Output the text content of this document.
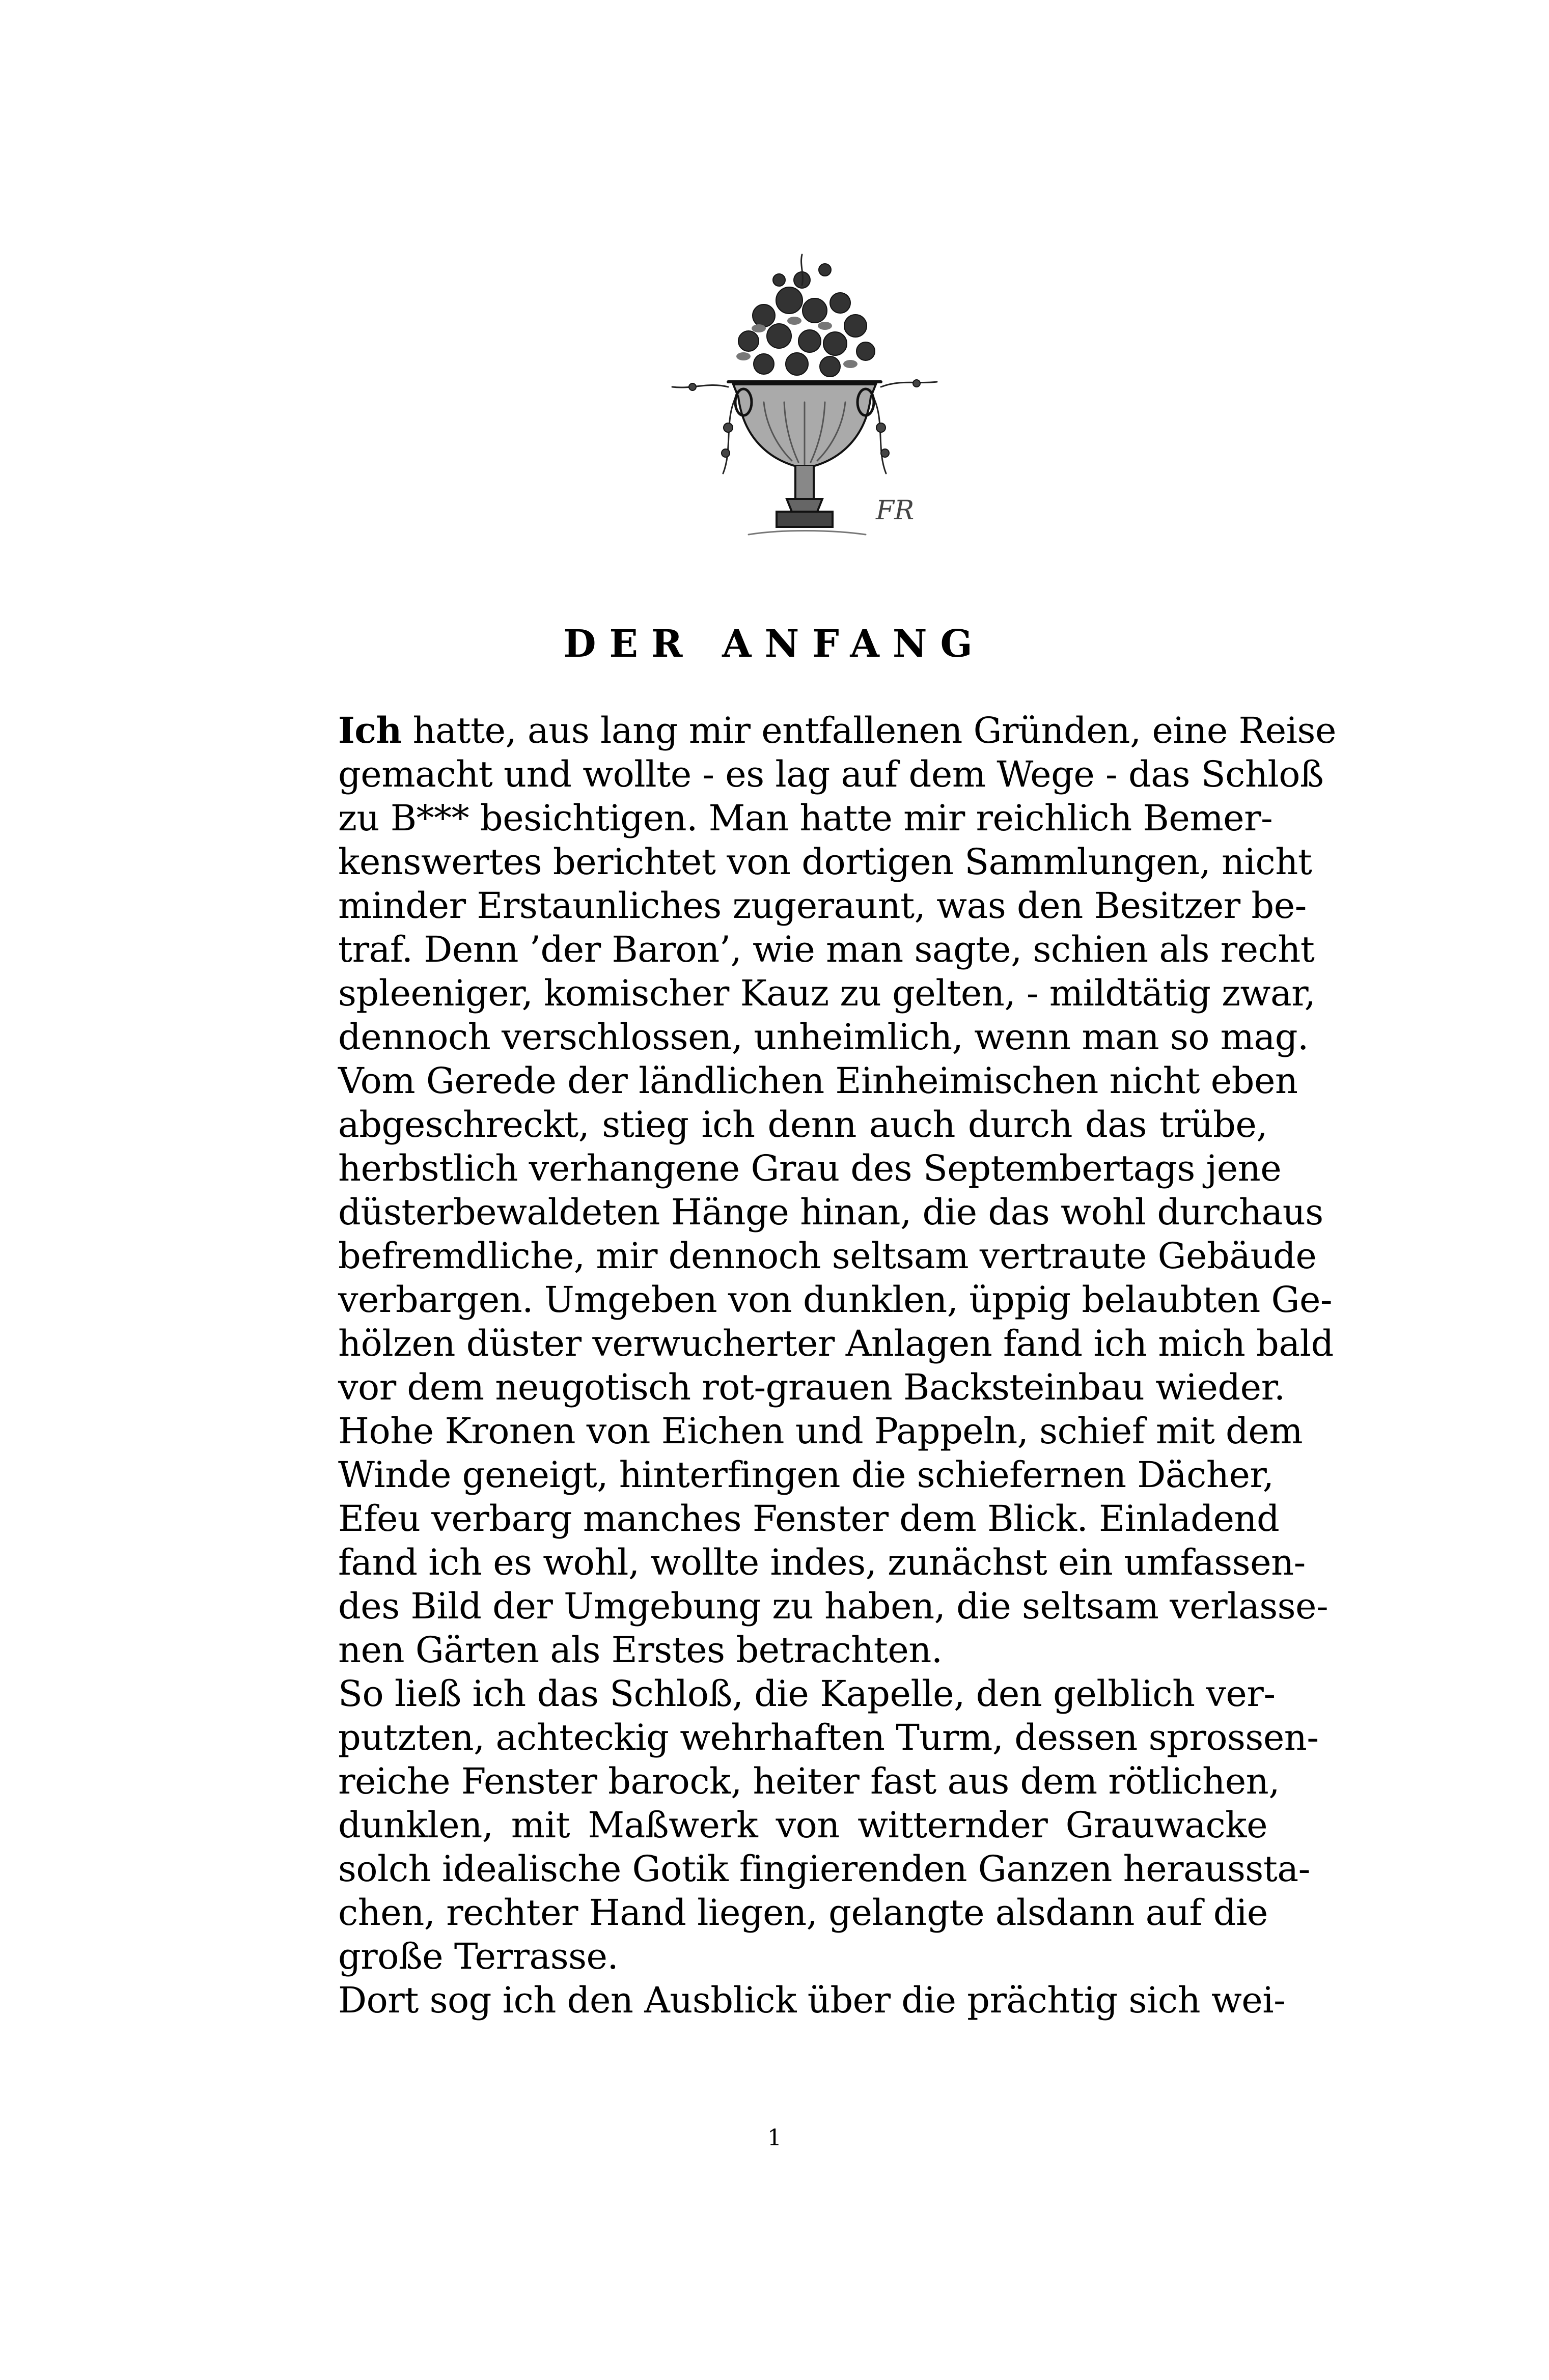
FR
DER ANFANG
Ich hatte, aus lang mir entfallenen Gründen, eine Reise
gemacht und wollte - es lag auf dem Wege - das Schloß
zu B*** besichtigen. Man hatte mir reichlich Bemer-
kenswertes berichtet von dortigen Sammlungen, nicht
minder Erstaunliches zugeraunt, was den Besitzer be-
traf. Denn ’der Baron’, wie man sagte, schien als recht
spleeniger, komischer Kauz zu gelten, - mildtätig zwar,
dennoch verschlossen, unheimlich, wenn man so mag.
Vom Gerede der ländlichen Einheimischen nicht eben
abgeschreckt, stieg ich denn auch durch das trübe,
herbstlich verhangene Grau des Septembertags jene
düsterbewaldeten Hänge hinan, die das wohl durchaus
befremdliche, mir dennoch seltsam vertraute Gebäude
verbargen. Umgeben von dunklen, üppig belaubten Ge-
hölzen düster verwucherter Anlagen fand ich mich bald
vor dem neugotisch rot-grauen Backsteinbau wieder.
Hohe Kronen von Eichen und Pappeln, schief mit dem
Winde geneigt, hinterfingen die schiefernen Dächer,
Efeu verbarg manches Fenster dem Blick. Einladend
fand ich es wohl, wollte indes, zunächst ein umfassen-
des Bild der Umgebung zu haben, die seltsam verlasse-
nen Gärten als Erstes betrachten.
So ließ ich das Schloß, die Kapelle, den gelblich ver-
putzten, achteckig wehrhaften Turm, dessen sprossen-
reiche Fenster barock, heiter fast aus dem rötlichen,
dunklen, mit Maßwerk von witternder Grauwacke
solch idealische Gotik fingierenden Ganzen heraussta-
chen, rechter Hand liegen, gelangte alsdann auf die
große Terrasse.
Dort sog ich den Ausblick über die prächtig sich wei-
1
